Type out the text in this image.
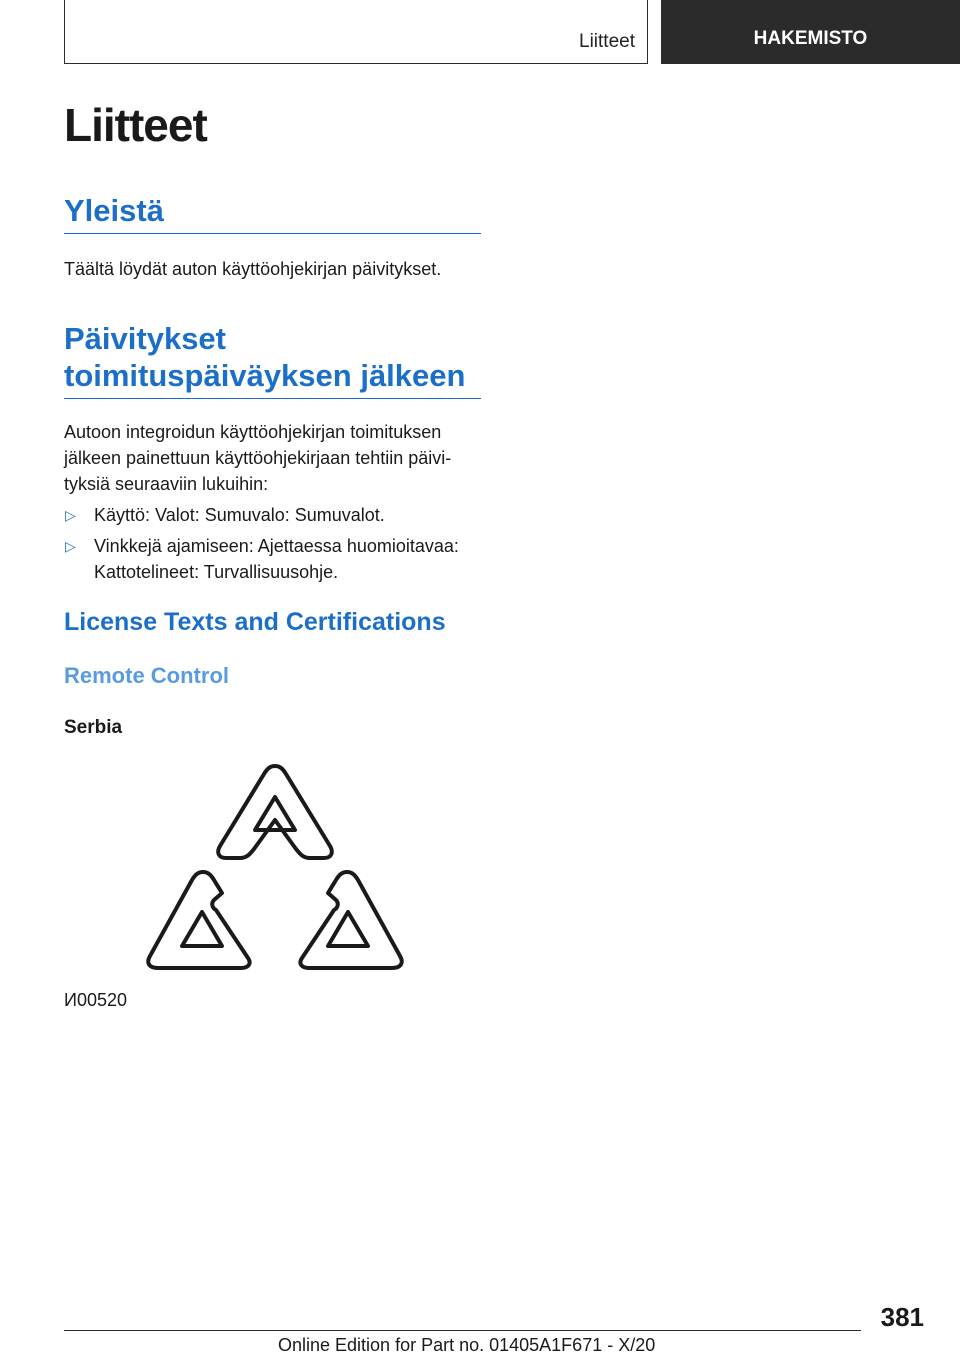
Liitteet	HAKEMISTO
Liitteet
Yleistä

Täältä löydät auton käyttöohjekirjan päivitykset.

Päivitykset
toimituspäiväyksen jälkeen

Autoon integroidun käyttöohjekirjan toimituksen
jälkeen painettuun käyttöohjekirjaan tehtiin päivi-
tyksiä seuraaviin lukuihin:

▷	Käyttö: Valot: Sumuvalo: Sumuvalot.
▷	Vinkkejä ajamiseen: Ajettaessa huomioitavaa:
Kattotelineet: Turvallisuusohje.
License Texts and Certifications
Remote Control
Serbia
И00520
381
Online Edition for Part no. 01405A1F671 - X/20
